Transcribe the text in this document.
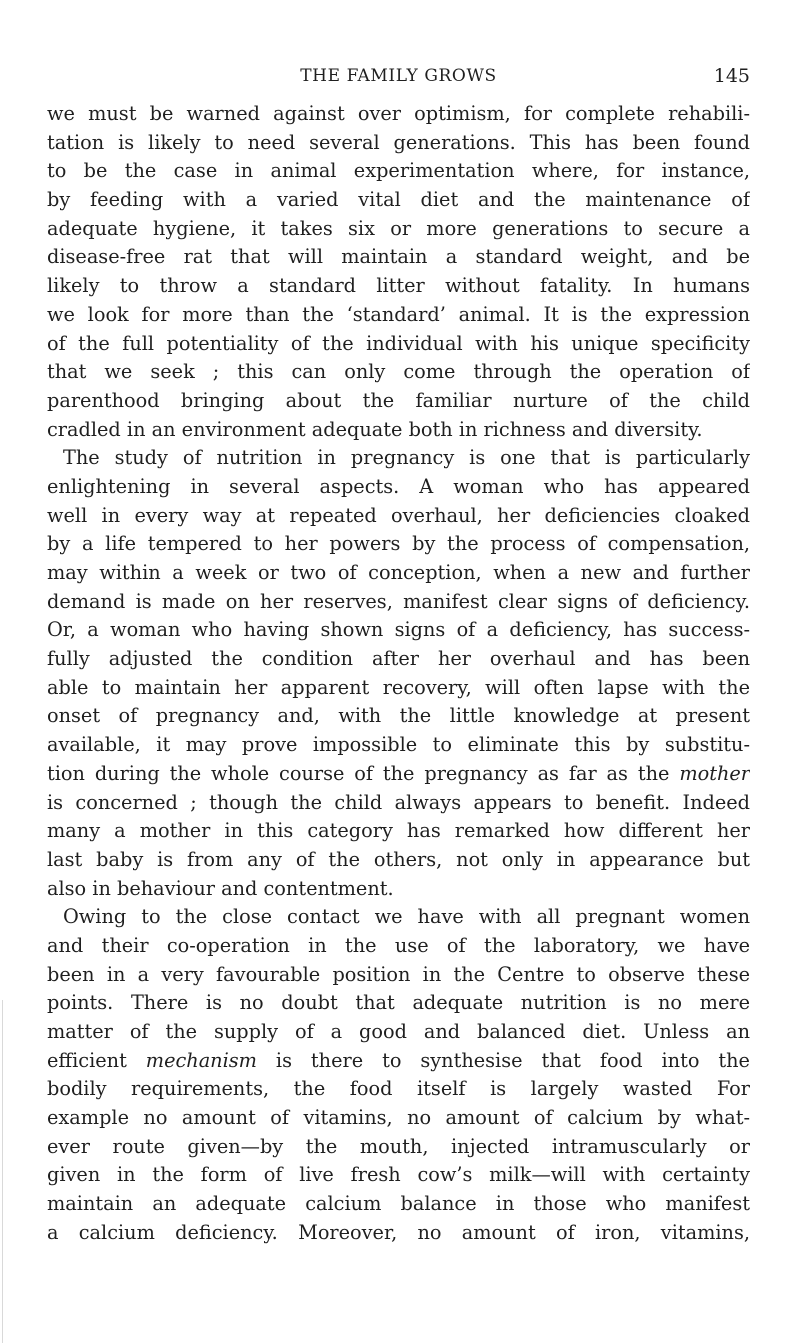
THE FAMILY GROWS	145
we must be warned against over optimism, for complete rehabili-
tation is likely to need several generations. This has been found
to be the case in animal experimentation where, for instance,
by feeding with a varied vital diet and the maintenance of
adequate hygiene, it takes six or more generations to secure a
disease-free rat that will maintain a standard weight, and be
likely to throw a standard litter without fatality. In humans
we look for more than the ‘standard’ animal. It is the expression
of the full potentiality of the individual with his unique specificity
that we seek ; this can only come through the operation of
parenthood bringing about the familiar nurture of the child
cradled in an environment adequate both in richness and diversity.
The study of nutrition in pregnancy is one that is particularly
enlightening in several aspects. A woman who has appeared
well in every way at repeated overhaul, her deficiencies cloaked
by a life tempered to her powers by the process of compensation,
may within a week or two of conception, when a new and further
demand is made on her reserves, manifest clear signs of deficiency.
Or, a woman who having shown signs of a deficiency, has success-
fully adjusted the condition after her overhaul and has been
able to maintain her apparent recovery, will often lapse with the
onset of pregnancy and, with the little knowledge at present
available, it may prove impossible to eliminate this by substitu-
tion during the whole course of the pregnancy as far as the mother
is concerned ; though the child always appears to benefit. Indeed
many a mother in this category has remarked how different her
last baby is from any of the others, not only in appearance but
also in behaviour and contentment.
Owing to the close contact we have with all pregnant women
and their co-operation in the use of the laboratory, we have
been in a very favourable position in the Centre to observe these
points. There is no doubt that adequate nutrition is no mere
matter of the supply of a good and balanced diet. Unless an
efficient mechanism is there to synthesise that food into the
bodily requirements, the food itself is largely wasted For
example no amount of vitamins, no amount of calcium by what-
ever route given—by the mouth, injected intramuscularly or
given in the form of live fresh cow’s milk—will with certainty
maintain an adequate calcium balance in those who manifest
a calcium deficiency. Moreover, no amount of iron, vitamins,
